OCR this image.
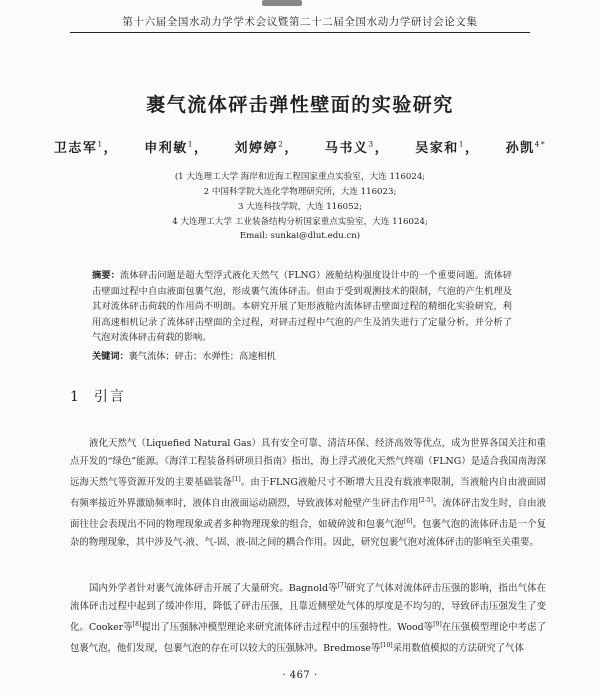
第十六届全国水动力学学术会议暨第二十二届全国水动力学研讨会论文集
裹气流体砰击弹性壁面的实验研究
卫志军$^1$， 申利敏$^1$， 刘婷婷$^2$， 马书义$^3$， 吴家和$^1$， 孙凯$^{4*}$
(1 大连理工大学 海岸和近海工程国家重点实验室，大连 116024;
2 中国科学院大连化学物理研究所，大连 116023;
3 大连科技学院，大连 116052;
4 大连理工大学 工业装备结构分析国家重点实验室，大连 116024;
Email: sunkai@dlut.edu.cn)
摘要：流体砰击问题是超大型浮式液化天然气（FLNG）液舱结构强度设计中的一个重要问题。流体砰击壁面过程中自由液面包裹气泡，形成裹气流体砰击。但由于受到观测技术的限制，气泡的产生机理及其对流体砰击荷载的作用尚不明朗。本研究开展了矩形液舱内流体砰击壁面过程的精细化实验研究，利用高速相机记录了流体砰击壁面的全过程，对砰击过程中气泡的产生及消失进行了定量分析，并分析了气泡对流体砰击荷载的影响。
关键词：裹气流体；砰击；水弹性；高速相机
1 引言

液化天然气（Liquefied Natural Gas）具有安全可靠、清洁环保、经济高效等优点，成为世界各国关注和重点开发的“绿色”能源。《海洋工程装备科研项目指南》指出，海上浮式液化天然气终端（FLNG）是适合我国南海深远海天然气等资源开发的主要基础装备[1]。由于FLNG液舱尺寸不断增大且没有载液率限制，当液舱内自由液面固有频率接近外界激励频率时，液体自由液面运动剧烈，导致液体对舱壁产生砰击作用[2-5]。流体砰击发生时，自由液面往往会表现出不同的物理现象或者多种物理现象的组合，如破碎波和包裹气泡[6]。包裹气泡的流体砰击是一个复杂的物理现象，其中涉及气-液、气-固、液-固之间的耦合作用。因此，研究包裹气泡对流体砰击的影响至关重要。

国内外学者针对裹气流体砰击开展了大量研究。Bagnold等[7]研究了气体对流体砰击压强的影响，指出气体在流体砰击过程中起到了缓冲作用，降低了砰击压强，且靠近侧壁处气体的厚度是不均匀的，导致砰击压强发生了变化。Cooker等[8]提出了压强脉冲模型理论来研究流体砰击过程中的压强特性。Wood等[9]在压强模型理论中考虑了包裹气泡，他们发现，包裹气泡的存在可以较大的压强脉冲。Bredmose等[10]采用数值模拟的方法研究了气体

· 467 ·
